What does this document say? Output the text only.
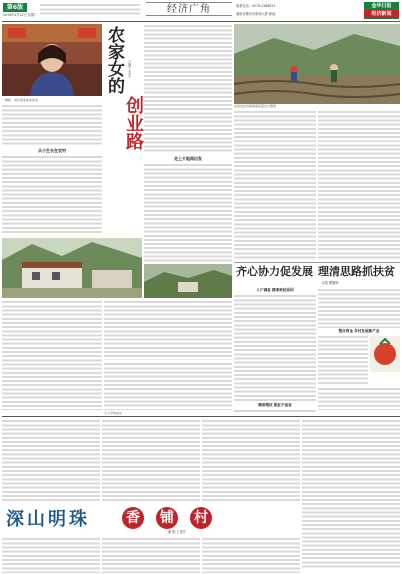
第6版
2016年4月12日 星期二	经济广角	联系电话：0579-2386822
湖南省郴州市新闻大厦 邮编
金华日报
经济新闻
一维政：返乡创业的农家女
农家女的
创业路
文/图 王小平
从小生长在农村
走上大地再出发
王小平的农庄
农家女在田间查看菜苗生长情况
齐心协力促发展 理清思路抓扶贫
本报 柳耀林
人户调查 摸准致贫原因
整合资金 多村发展新产业
精准帮扶 脱贫不返贫
深山明珠	香 铺 村
谢 明 王进升
